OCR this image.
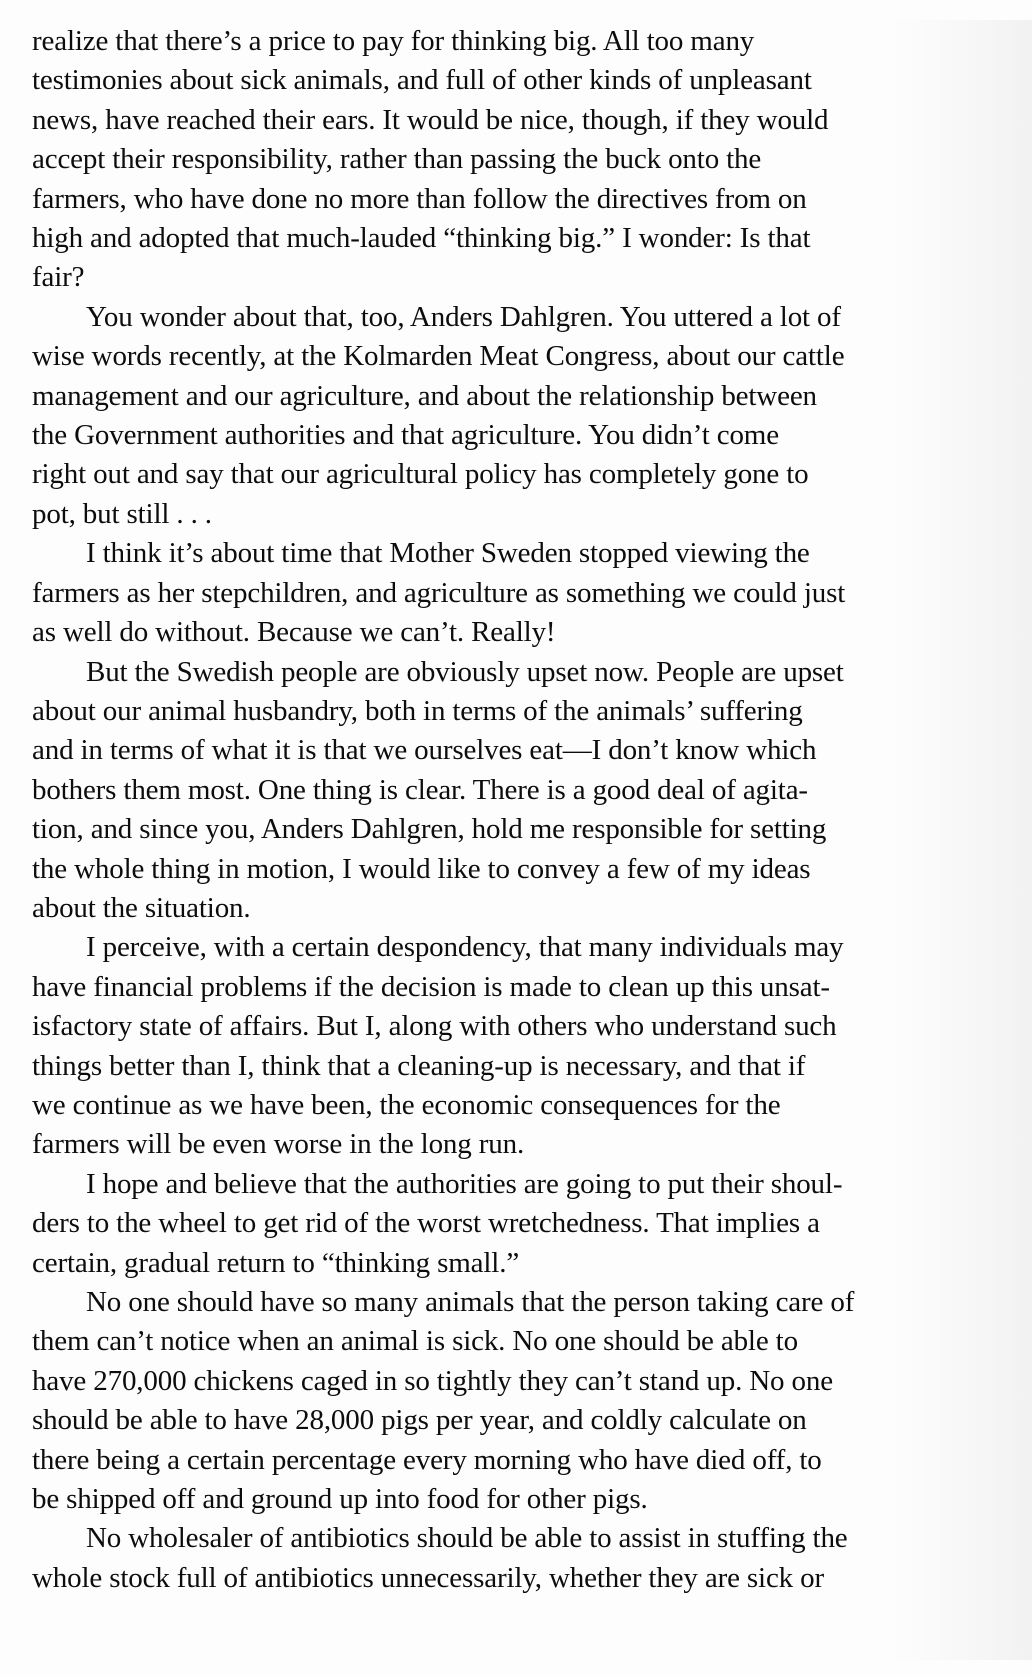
realize that there’s a price to pay for thinking big. All too many
testimonies about sick animals, and full of other kinds of unpleasant
news, have reached their ears. It would be nice, though, if they would
accept their responsibility, rather than passing the buck onto the
farmers, who have done no more than follow the directives from on
high and adopted that much-lauded “thinking big.” I wonder: Is that
fair?
You wonder about that, too, Anders Dahlgren. You uttered a lot of
wise words recently, at the Kolmarden Meat Congress, about our cattle
management and our agriculture, and about the relationship between
the Government authorities and that agriculture. You didn’t come
right out and say that our agricultural policy has completely gone to
pot, but still . . .
I think it’s about time that Mother Sweden stopped viewing the
farmers as her stepchildren, and agriculture as something we could just
as well do without. Because we can’t. Really!
But the Swedish people are obviously upset now. People are upset
about our animal husbandry, both in terms of the animals’ suffering
and in terms of what it is that we ourselves eat—I don’t know which
bothers them most. One thing is clear. There is a good deal of agita-
tion, and since you, Anders Dahlgren, hold me responsible for setting
the whole thing in motion, I would like to convey a few of my ideas
about the situation.
I perceive, with a certain despondency, that many individuals may
have financial problems if the decision is made to clean up this unsat-
isfactory state of affairs. But I, along with others who understand such
things better than I, think that a cleaning-up is necessary, and that if
we continue as we have been, the economic consequences for the
farmers will be even worse in the long run.
I hope and believe that the authorities are going to put their shoul-
ders to the wheel to get rid of the worst wretchedness. That implies a
certain, gradual return to “thinking small.”
No one should have so many animals that the person taking care of
them can’t notice when an animal is sick. No one should be able to
have 270,000 chickens caged in so tightly they can’t stand up. No one
should be able to have 28,000 pigs per year, and coldly calculate on
there being a certain percentage every morning who have died off, to
be shipped off and ground up into food for other pigs.
No wholesaler of antibiotics should be able to assist in stuffing the
whole stock full of antibiotics unnecessarily, whether they are sick or
